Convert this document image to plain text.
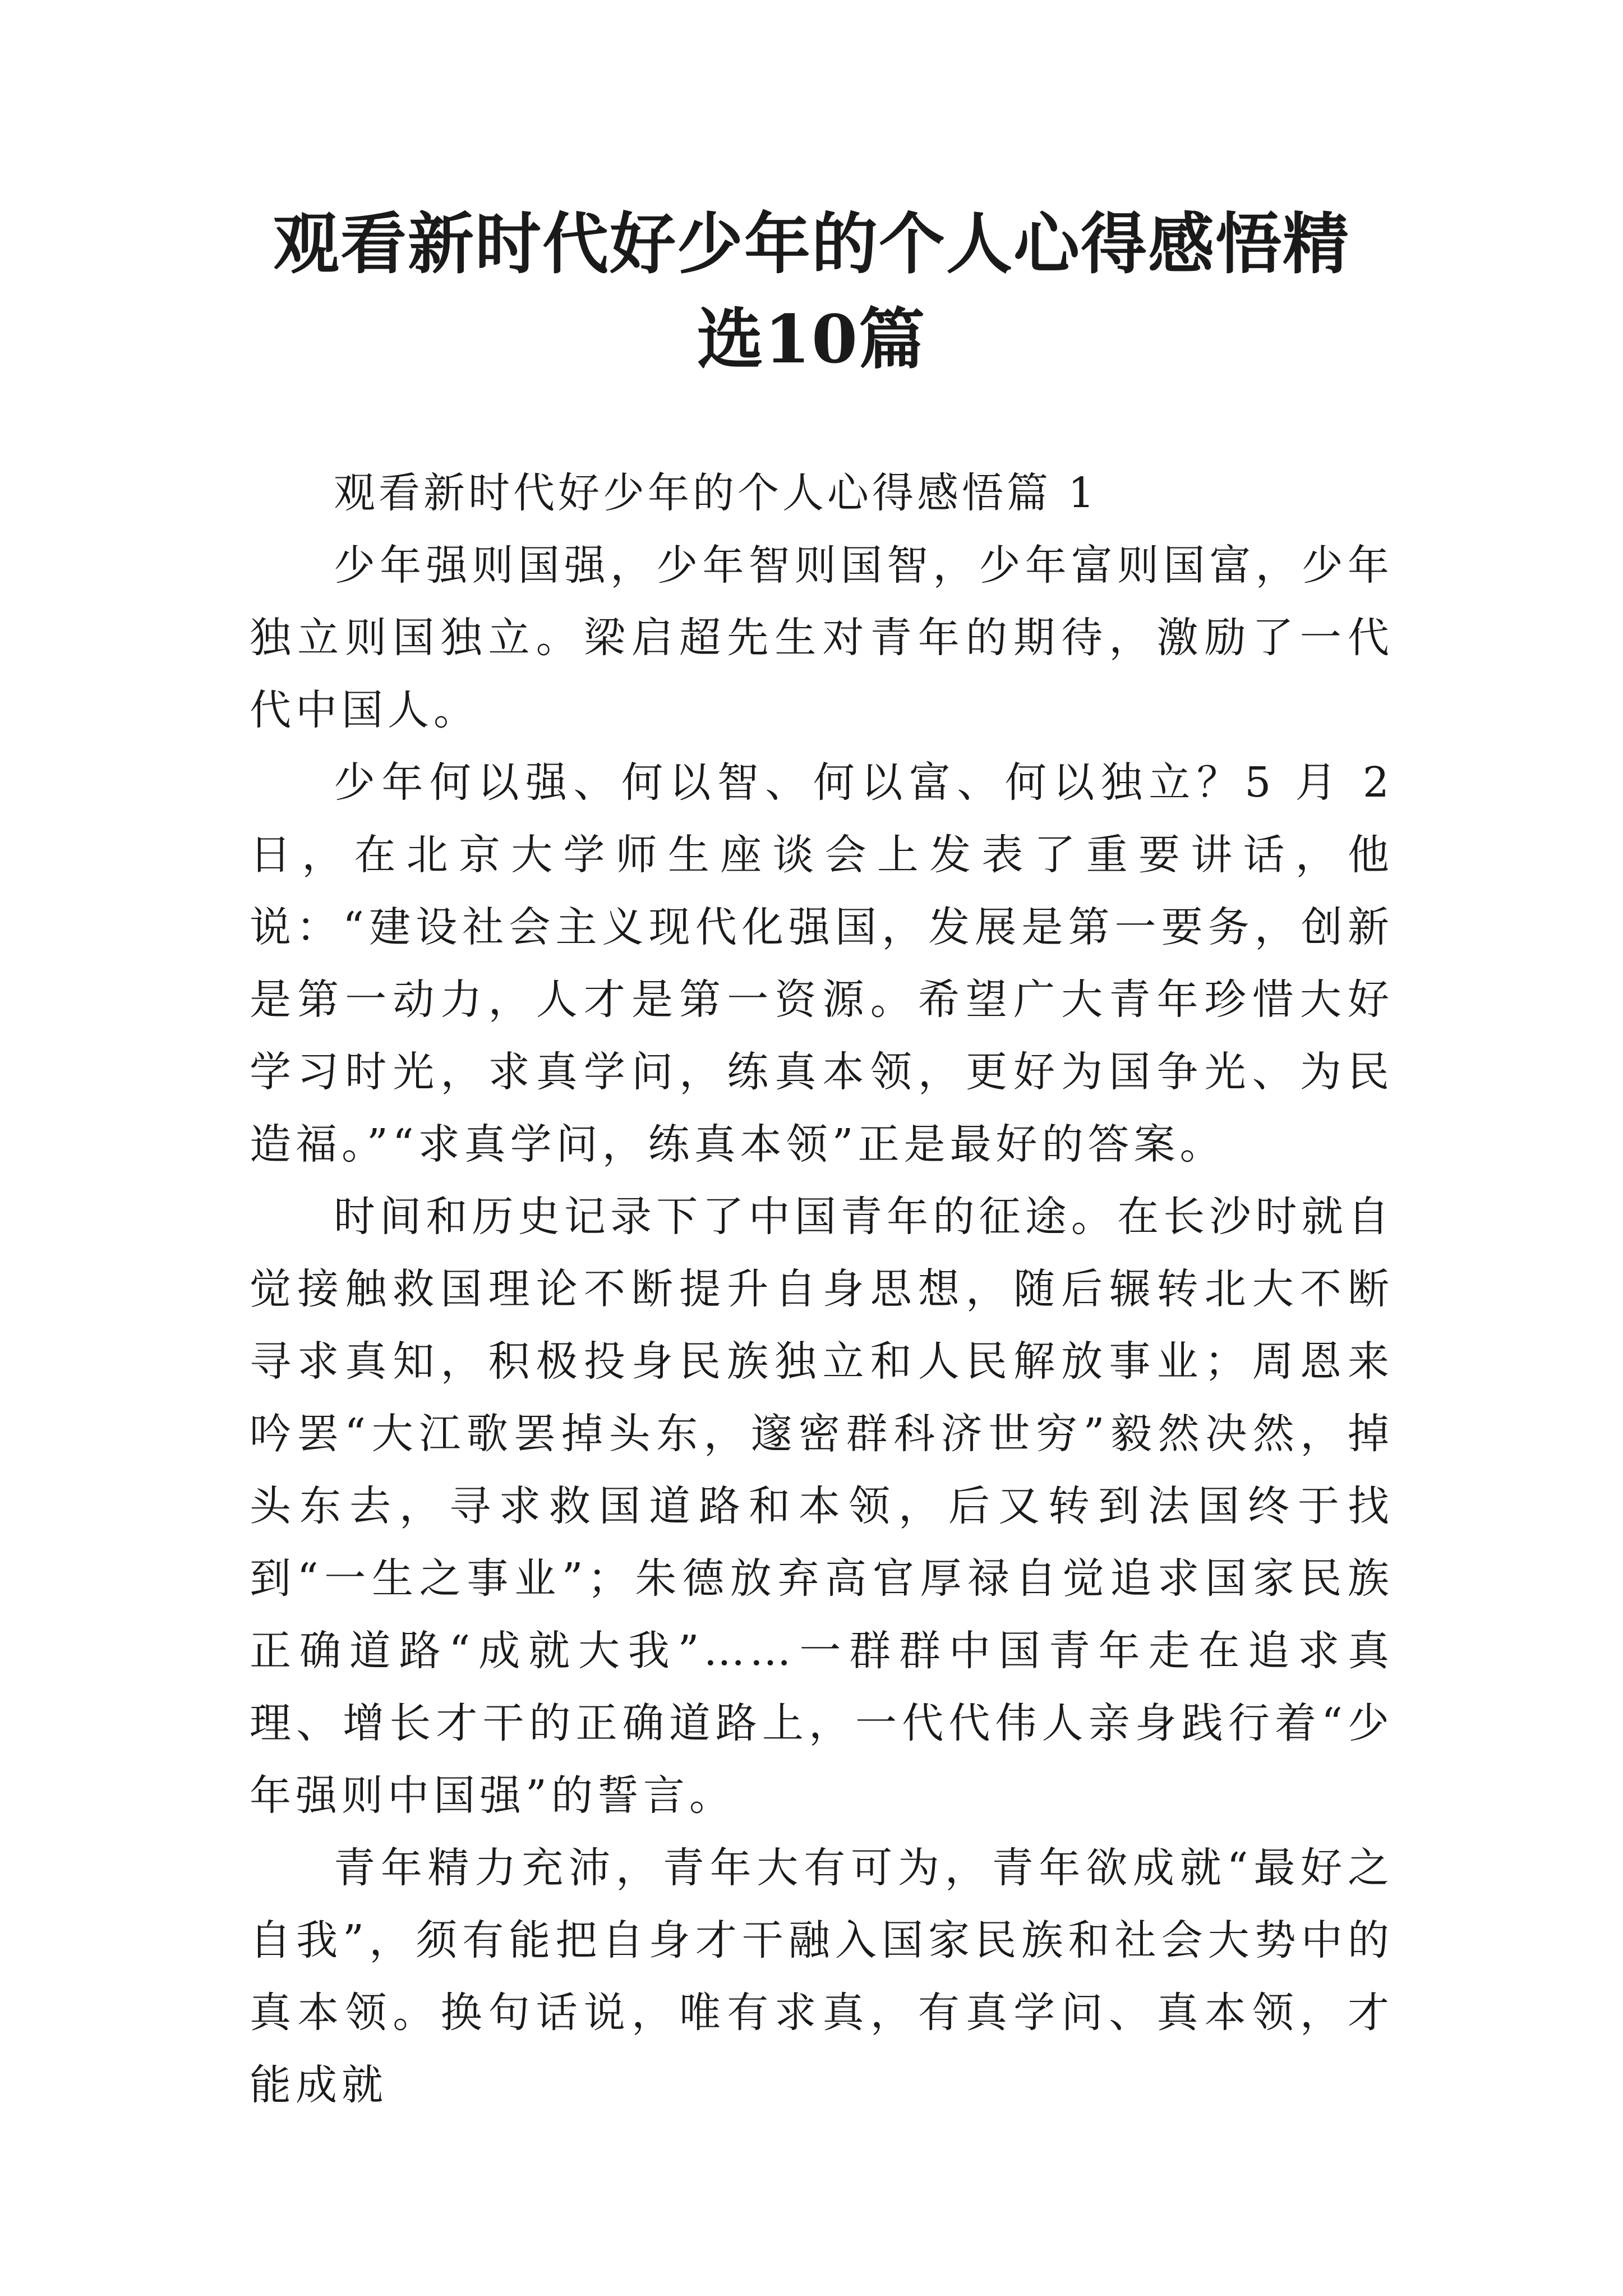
观看新时代好少年的个人心得感悟精选10篇
观看新时代好少年的个人心得感悟篇 1

少年强则国强，少年智则国智，少年富则国富，少年独立则国独立。梁启超先生对青年的期待，激励了一代代中国人。

少年何以强、何以智、何以富、何以独立？5 月 2 日，在北京大学师生座谈会上发表了重要讲话，他说：“建设社会主义现代化强国，发展是第一要务，创新是第一动力，人才是第一资源。希望广大青年珍惜大好学习时光，求真学问，练真本领，更好为国争光、为民造福。”“求真学问，练真本领”正是最好的答案。

时间和历史记录下了中国青年的征途。在长沙时就自觉接触救国理论不断提升自身思想，随后辗转北大不断寻求真知，积极投身民族独立和人民解放事业；周恩来吟罢“大江歌罢掉头东，邃密群科济世穷”毅然决然，掉头东去，寻求救国道路和本领，后又转到法国终于找到“一生之事业”；朱德放弃高官厚禄自觉追求国家民族正确道路“成就大我”……一群群中国青年走在追求真理、增长才干的正确道路上，一代代伟人亲身践行着“少年强则中国强”的誓言。

青年精力充沛，青年大有可为，青年欲成就“最好之自我”，须有能把自身才干融入国家民族和社会大势中的真本领。换句话说，唯有求真，有真学问、真本领，才能成就
